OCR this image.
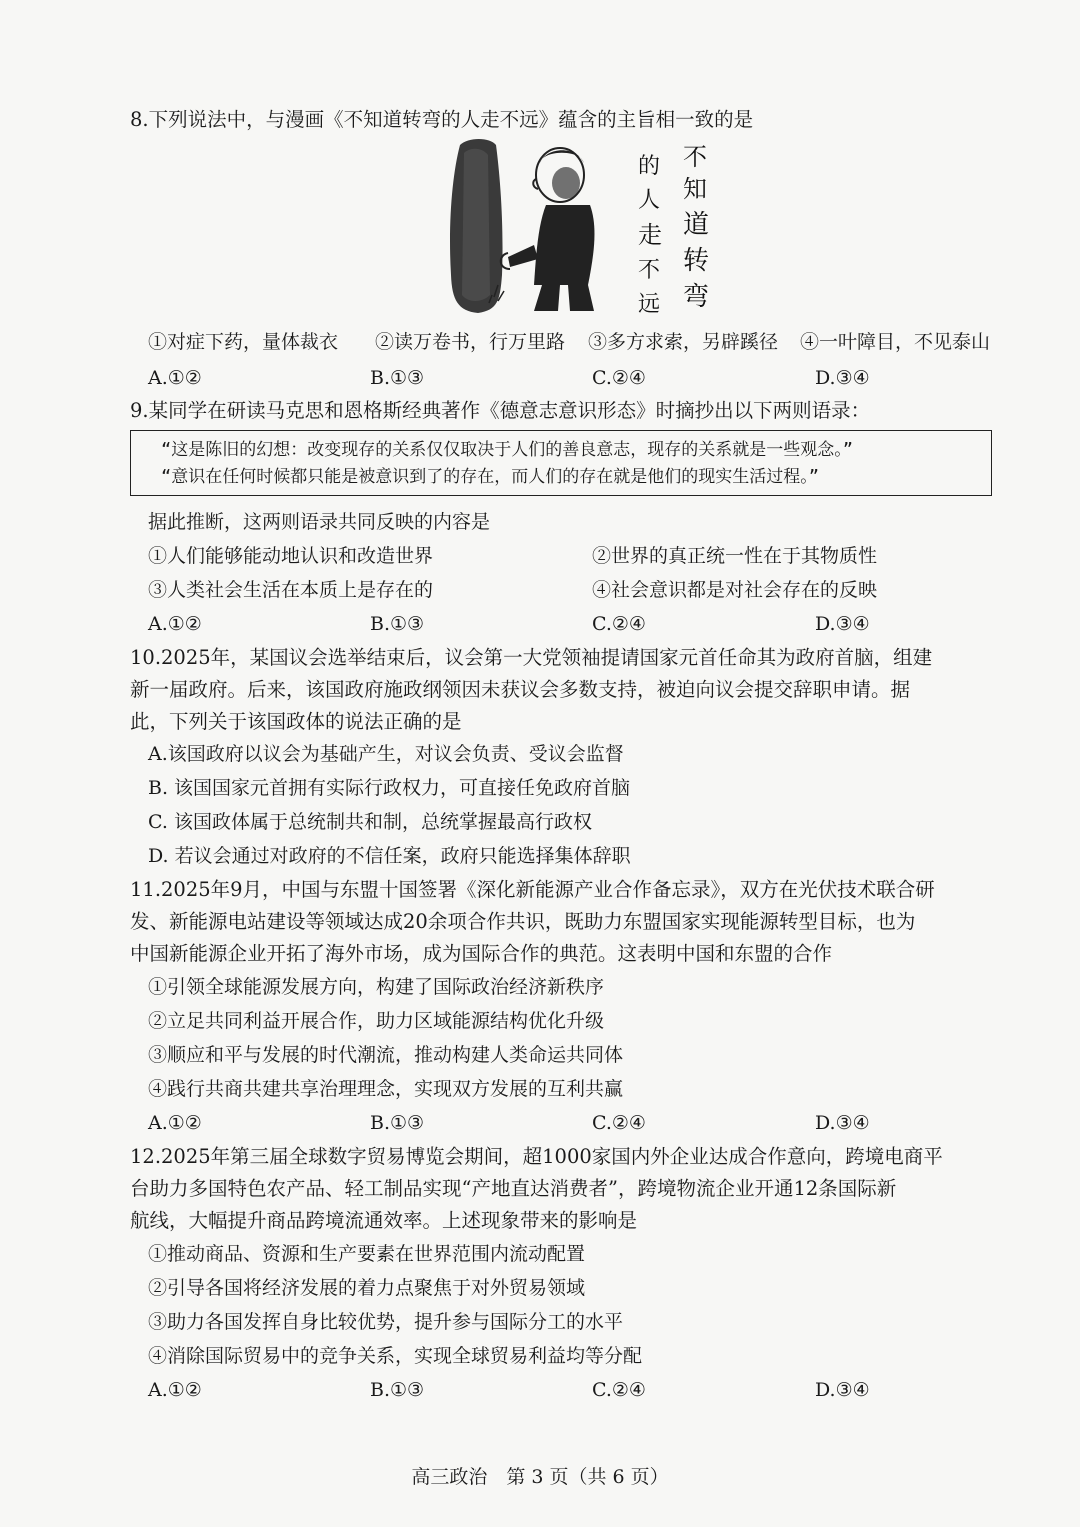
8.下列说法中，与漫画《不知道转弯的人走不远》蕴含的主旨相一致的是
不
知
道
转
弯
的
人
走
不
远
①对症下药，量体裁衣 ②读万卷书，行万里路 ③多方求索，另辟蹊径 ④一叶障目，不见泰山
A.①②	B.①③	C.②④	D.③④
9.某同学在研读马克思和恩格斯经典著作《德意志意识形态》时摘抄出以下两则语录：
“这是陈旧的幻想：改变现存的关系仅仅取决于人们的善良意志，现存的关系就是一些观念。”
“意识在任何时候都只能是被意识到了的存在，而人们的存在就是他们的现实生活过程。”
据此推断，这两则语录共同反映的内容是
①人们能够能动地认识和改造世界	②世界的真正统一性在于其物质性
③人类社会生活在本质上是存在的	④社会意识都是对社会存在的反映
A.①②	B.①③	C.②④	D.③④
10.2025年，某国议会选举结束后，议会第一大党领袖提请国家元首任命其为政府首脑，组建
新一届政府。后来，该国政府施政纲领因未获议会多数支持，被迫向议会提交辞职申请。据
此，下列关于该国政体的说法正确的是
A.该国政府以议会为基础产生，对议会负责、受议会监督
B. 该国国家元首拥有实际行政权力，可直接任免政府首脑
C. 该国政体属于总统制共和制，总统掌握最高行政权
D. 若议会通过对政府的不信任案，政府只能选择集体辞职
11.2025年9月，中国与东盟十国签署《深化新能源产业合作备忘录》，双方在光伏技术联合研
发、新能源电站建设等领域达成20余项合作共识，既助力东盟国家实现能源转型目标，也为
中国新能源企业开拓了海外市场，成为国际合作的典范。这表明中国和东盟的合作
①引领全球能源发展方向，构建了国际政治经济新秩序
②立足共同利益开展合作，助力区域能源结构优化升级
③顺应和平与发展的时代潮流，推动构建人类命运共同体
④践行共商共建共享治理理念，实现双方发展的互利共赢
A.①②	B.①③	C.②④	D.③④
12.2025年第三届全球数字贸易博览会期间，超1000家国内外企业达成合作意向，跨境电商平
台助力多国特色农产品、轻工制品实现“产地直达消费者”，跨境物流企业开通12条国际新
航线，大幅提升商品跨境流通效率。上述现象带来的影响是
①推动商品、资源和生产要素在世界范围内流动配置
②引导各国将经济发展的着力点聚焦于对外贸易领域
③助力各国发挥自身比较优势，提升参与国际分工的水平
④消除国际贸易中的竞争关系，实现全球贸易利益均等分配
A.①②	B.①③	C.②④	D.③④
高三政治　第 3 页（共 6 页）
